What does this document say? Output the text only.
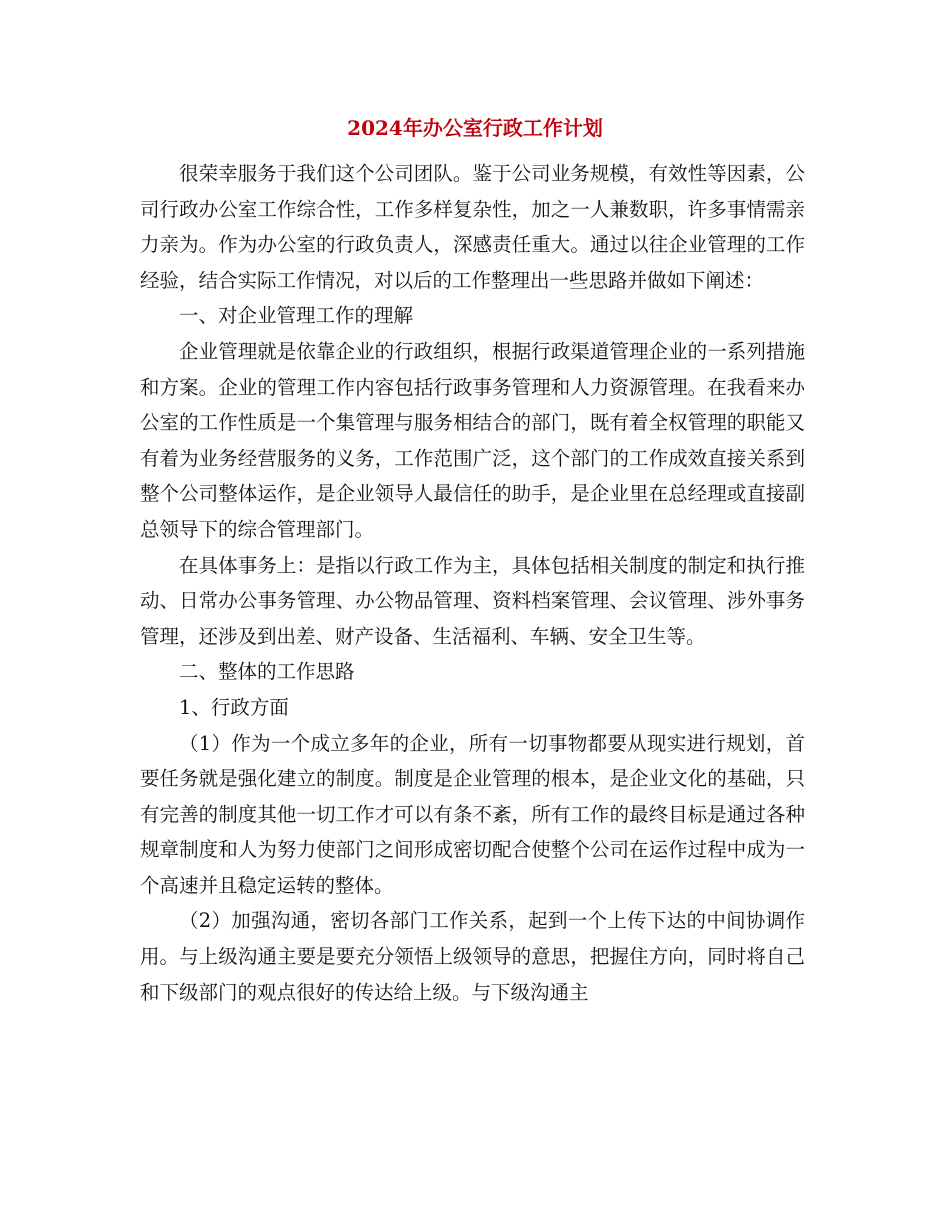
2024年办公室行政工作计划

很荣幸服务于我们这个公司团队。鉴于公司业务规模，有效性等因素，公司行政办公室工作综合性，工作多样复杂性，加之一人兼数职，许多事情需亲力亲为。作为办公室的行政负责人，深感责任重大。通过以往企业管理的工作经验，结合实际工作情况，对以后的工作整理出一些思路并做如下阐述：

一、对企业管理工作的理解

企业管理就是依靠企业的行政组织，根据行政渠道管理企业的一系列措施和方案。企业的管理工作内容包括行政事务管理和人力资源管理。在我看来办公室的工作性质是一个集管理与服务相结合的部门，既有着全权管理的职能又有着为业务经营服务的义务，工作范围广泛，这个部门的工作成效直接关系到整个公司整体运作，是企业领导人最信任的助手，是企业里在总经理或直接副总领导下的综合管理部门。

在具体事务上：是指以行政工作为主，具体包括相关制度的制定和执行推动、日常办公事务管理、办公物品管理、资料档案管理、会议管理、涉外事务管理，还涉及到出差、财产设备、生活福利、车辆、安全卫生等。

二、整体的工作思路

1、行政方面

（1）作为一个成立多年的企业，所有一切事物都要从现实进行规划，首要任务就是强化建立的制度。制度是企业管理的根本，是企业文化的基础，只有完善的制度其他一切工作才可以有条不紊，所有工作的最终目标是通过各种规章制度和人为努力使部门之间形成密切配合使整个公司在运作过程中成为一个高速并且稳定运转的整体。

（2）加强沟通，密切各部门工作关系，起到一个上传下达的中间协调作用。与上级沟通主要是要充分领悟上级领导的意思，把握住方向，同时将自己和下级部门的观点很好的传达给上级。与下级沟通主
